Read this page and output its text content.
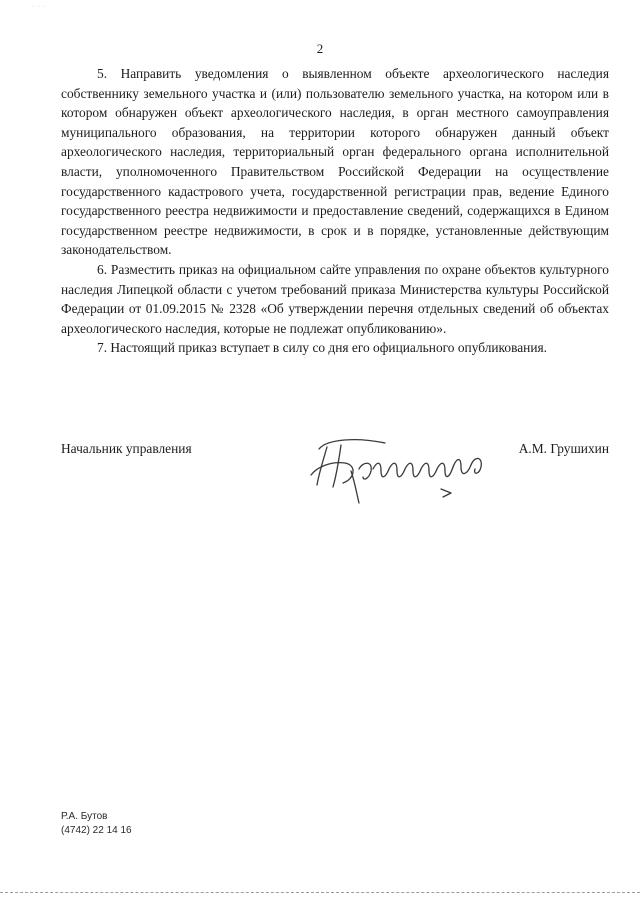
· · ·
2

5. Направить уведомления о выявленном объекте археологического наследия собственнику земельного участка и (или) пользователю земельного участка, на котором или в котором обнаружен объект археологического наследия, в орган местного самоуправления муниципального образования, на территории которого обнаружен данный объект археологического наследия, территориальный орган федерального органа исполнительной власти, уполномоченного Правительством Российской Федерации на осуществление государственного кадастрового учета, государственной регистрации прав, ведение Единого государственного реестра недвижимости и предоставление сведений, содержащихся в Едином государственном реестре недвижимости, в срок и в порядке, установленные действующим законодательством.

6. Разместить приказ на официальном сайте управления по охране объектов культурного наследия Липецкой области с учетом требований приказа Министерства культуры Российской Федерации от 01.09.2015 № 2328 «Об утверждении перечня отдельных сведений об объектах археологического наследия, которые не подлежат опубликованию».

7. Настоящий приказ вступает в силу со дня его официального опубликования.

Начальник управления	А.М. Грушихин
Р.А. Бутов
(4742) 22 14 16
